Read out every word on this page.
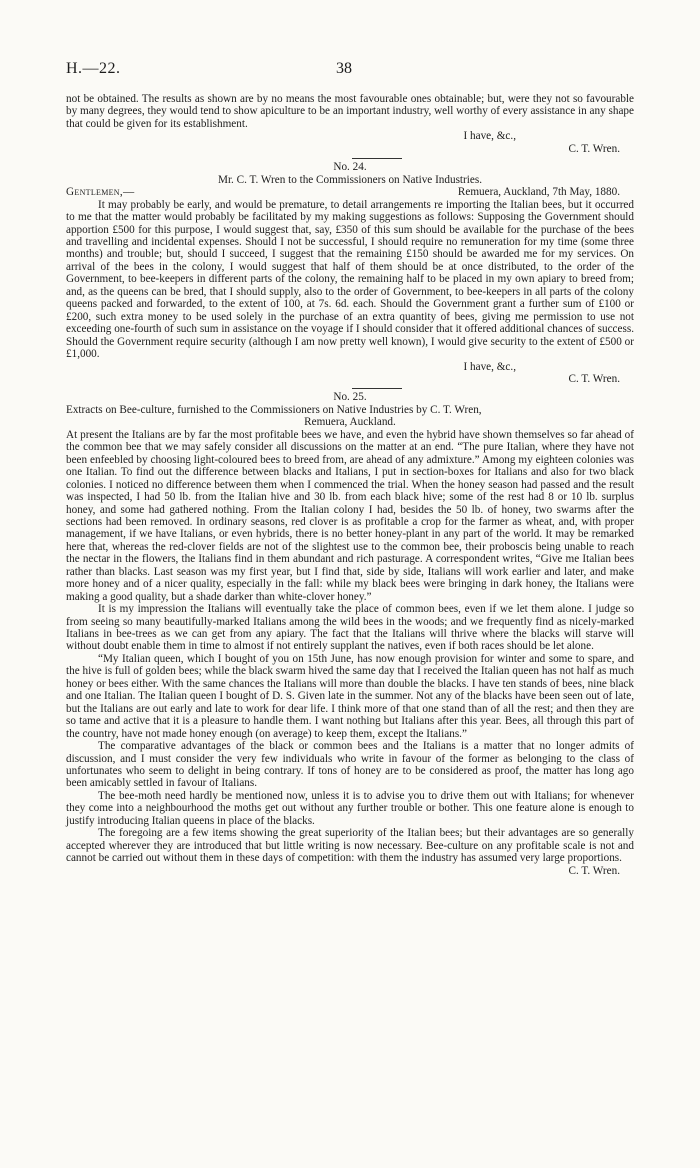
H.—22.	38

not be obtained. The results as shown are by no means the most favourable ones obtainable; but, were they not so favourable by many degrees, they would tend to show apiculture to be an important industry, well worthy of every assistance in any shape that could be given for its establishment.

I have, &c.,

C. T. Wren.

No. 24.

Mr. C. T. Wren to the Commissioners on Native Industries.

Gentlemen,—	Remuera, Auckland, 7th May, 1880.

It may probably be early, and would be premature, to detail arrangements re importing the Italian bees, but it occurred to me that the matter would probably be facilitated by my making suggestions as follows: Supposing the Government should apportion £500 for this purpose, I would suggest that, say, £350 of this sum should be available for the purchase of the bees and travelling and incidental expenses. Should I not be successful, I should require no remuneration for my time (some three months) and trouble; but, should I succeed, I suggest that the remaining £150 should be awarded me for my services. On arrival of the bees in the colony, I would suggest that half of them should be at once distributed, to the order of the Government, to bee-keepers in different parts of the colony, the remaining half to be placed in my own apiary to breed from; and, as the queens can be bred, that I should supply, also to the order of Government, to bee-keepers in all parts of the colony queens packed and forwarded, to the extent of 100, at 7s. 6d. each. Should the Government grant a further sum of £100 or £200, such extra money to be used solely in the purchase of an extra quantity of bees, giving me permission to use not exceeding one-fourth of such sum in assistance on the voyage if I should consider that it offered additional chances of success. Should the Government require security (although I am now pretty well known), I would give security to the extent of £500 or £1,000.

I have, &c.,

C. T. Wren.

No. 25.

Extracts on Bee-culture, furnished to the Commissioners on Native Industries by C. T. Wren,

Remuera, Auckland.

At present the Italians are by far the most profitable bees we have, and even the hybrid have shown themselves so far ahead of the common bee that we may safely consider all discussions on the matter at an end. “The pure Italian, where they have not been enfeebled by choosing light-coloured bees to breed from, are ahead of any admixture.” Among my eighteen colonies was one Italian. To find out the difference between blacks and Italians, I put in section-boxes for Italians and also for two black colonies. I noticed no difference between them when I commenced the trial. When the honey season had passed and the result was inspected, I had 50 lb. from the Italian hive and 30 lb. from each black hive; some of the rest had 8 or 10 lb. surplus honey, and some had gathered nothing. From the Italian colony I had, besides the 50 lb. of honey, two swarms after the sections had been removed. In ordinary seasons, red clover is as profitable a crop for the farmer as wheat, and, with proper management, if we have Italians, or even hybrids, there is no better honey-plant in any part of the world. It may be remarked here that, whereas the red-clover fields are not of the slightest use to the common bee, their proboscis being unable to reach the nectar in the flowers, the Italians find in them abundant and rich pasturage. A correspondent writes, “Give me Italian bees rather than blacks. Last season was my first year, but I find that, side by side, Italians will work earlier and later, and make more honey and of a nicer quality, especially in the fall: while my black bees were bringing in dark honey, the Italians were making a good quality, but a shade darker than white-clover honey.”

It is my impression the Italians will eventually take the place of common bees, even if we let them alone. I judge so from seeing so many beautifully-marked Italians among the wild bees in the woods; and we frequently find as nicely-marked Italians in bee-trees as we can get from any apiary. The fact that the Italians will thrive where the blacks will starve will without doubt enable them in time to almost if not entirely supplant the natives, even if both races should be let alone.

“My Italian queen, which I bought of you on 15th June, has now enough provision for winter and some to spare, and the hive is full of golden bees; while the black swarm hived the same day that I received the Italian queen has not half as much honey or bees either. With the same chances the Italians will more than double the blacks. I have ten stands of bees, nine black and one Italian. The Italian queen I bought of D. S. Given late in the summer. Not any of the blacks have been seen out of late, but the Italians are out early and late to work for dear life. I think more of that one stand than of all the rest; and then they are so tame and active that it is a pleasure to handle them. I want nothing but Italians after this year. Bees, all through this part of the country, have not made honey enough (on average) to keep them, except the Italians.”

The comparative advantages of the black or common bees and the Italians is a matter that no longer admits of discussion, and I must consider the very few individuals who write in favour of the former as belonging to the class of unfortunates who seem to delight in being contrary. If tons of honey are to be considered as proof, the matter has long ago been amicably settled in favour of Italians.

The bee-moth need hardly be mentioned now, unless it is to advise you to drive them out with Italians; for whenever they come into a neighbourhood the moths get out without any further trouble or bother. This one feature alone is enough to justify introducing Italian queens in place of the blacks.

The foregoing are a few items showing the great superiority of the Italian bees; but their advantages are so generally accepted wherever they are introduced that but little writing is now necessary. Bee-culture on any profitable scale is not and cannot be carried out without them in these days of competition: with them the industry has assumed very large proportions.

C. T. Wren.
